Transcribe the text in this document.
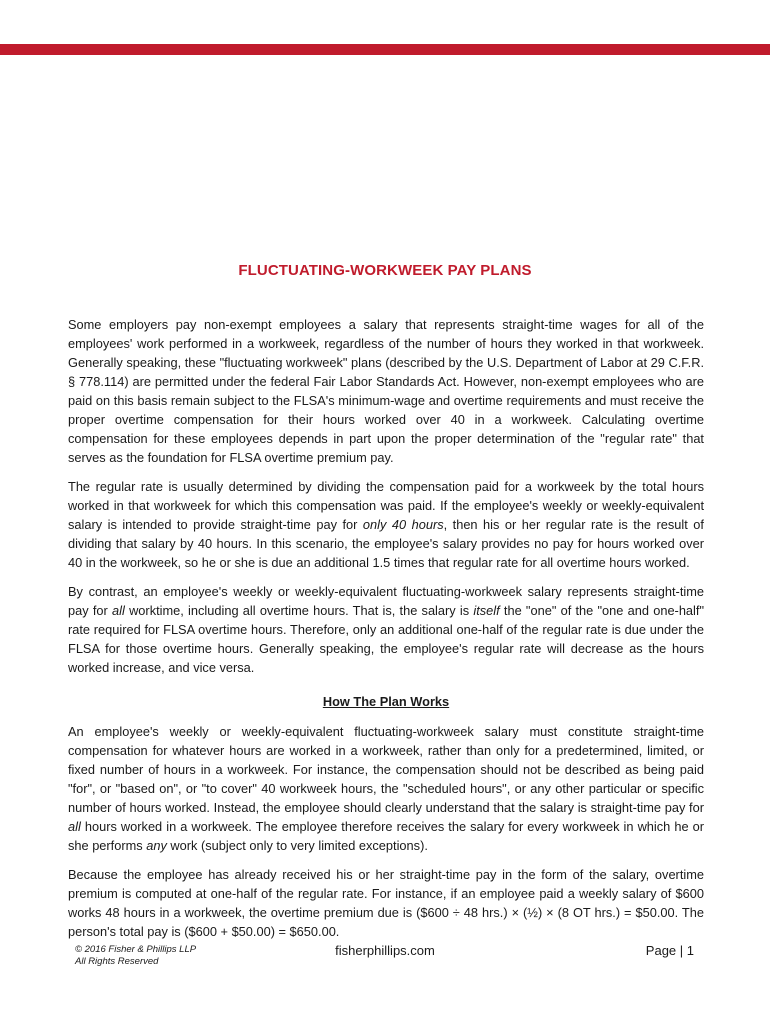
FLUCTUATING-WORKWEEK PAY PLANS

Some employers pay non-exempt employees a salary that represents straight-time wages for all of the employees' work performed in a workweek, regardless of the number of hours they worked in that workweek. Generally speaking, these "fluctuating workweek" plans (described by the U.S. Department of Labor at 29 C.F.R. § 778.114) are permitted under the federal Fair Labor Standards Act. However, non-exempt employees who are paid on this basis remain subject to the FLSA's minimum-wage and overtime requirements and must receive the proper overtime compensation for their hours worked over 40 in a workweek. Calculating overtime compensation for these employees depends in part upon the proper determination of the "regular rate" that serves as the foundation for FLSA overtime premium pay.

The regular rate is usually determined by dividing the compensation paid for a workweek by the total hours worked in that workweek for which this compensation was paid. If the employee's weekly or weekly-equivalent salary is intended to provide straight-time pay for only 40 hours, then his or her regular rate is the result of dividing that salary by 40 hours. In this scenario, the employee's salary provides no pay for hours worked over 40 in the workweek, so he or she is due an additional 1.5 times that regular rate for all overtime hours worked.

By contrast, an employee's weekly or weekly-equivalent fluctuating-workweek salary represents straight-time pay for all worktime, including all overtime hours. That is, the salary is itself the "one" of the "one and one-half" rate required for FLSA overtime hours. Therefore, only an additional one-half of the regular rate is due under the FLSA for those overtime hours. Generally speaking, the employee's regular rate will decrease as the hours worked increase, and vice versa.

How The Plan Works

An employee's weekly or weekly-equivalent fluctuating-workweek salary must constitute straight-time compensation for whatever hours are worked in a workweek, rather than only for a predetermined, limited, or fixed number of hours in a workweek. For instance, the compensation should not be described as being paid "for", or "based on", or "to cover" 40 workweek hours, the "scheduled hours", or any other particular or specific number of hours worked. Instead, the employee should clearly understand that the salary is straight-time pay for all hours worked in a workweek. The employee therefore receives the salary for every workweek in which he or she performs any work (subject only to very limited exceptions).

Because the employee has already received his or her straight-time pay in the form of the salary, overtime premium is computed at one-half of the regular rate. For instance, if an employee paid a weekly salary of $600 works 48 hours in a workweek, the overtime premium due is ($600 ÷ 48 hrs.) × (½) × (8 OT hrs.) = $50.00. The person's total pay is ($600 + $50.00) = $650.00.

© 2016 Fisher & Phillips LLP
All Rights Reserved
fisherphillips.com	Page | 1
